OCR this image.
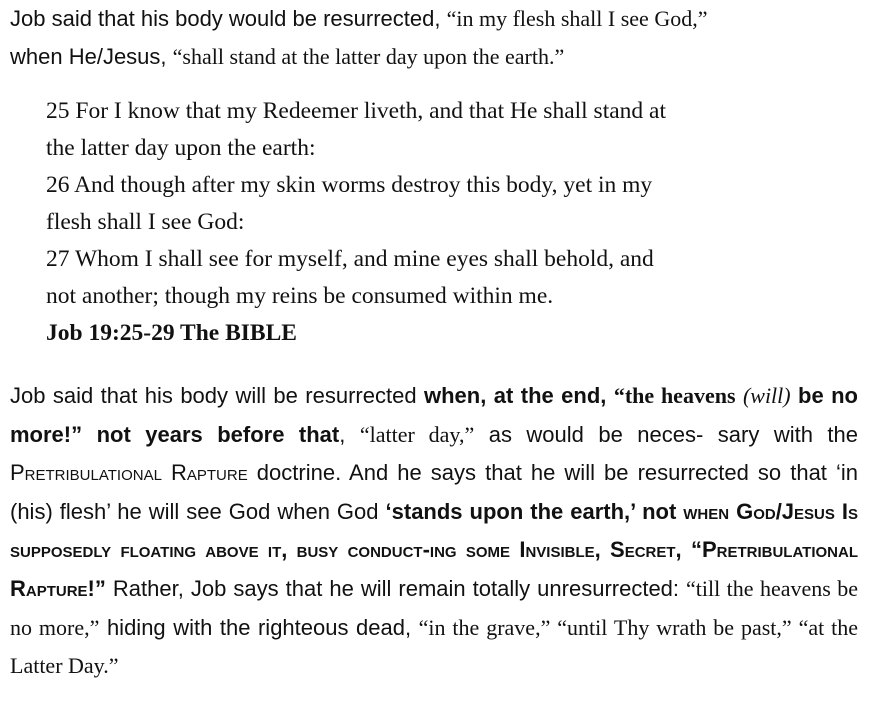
Job said that his body would be resurrected, “in my flesh shall I see God,”
when He/Jesus, “shall stand at the latter day upon the earth.”
25 For I know that my Redeemer liveth, and that He shall stand at
the latter day upon the earth:
26 And though after my skin worms destroy this body, yet in my
flesh shall I see God:
27 Whom I shall see for myself, and mine eyes shall behold, and
not another; though my reins be consumed within me.
Job 19:25-29 The BIBLE
Job said that his body will be resurrected when, at the end, “the heavens (will) be no more!” not years before that, “latter day,” as would be neces- sary with the Pretribulational Rapture doctrine. And he says that he will be resurrected so that ‘in (his) flesh’ he will see God when God ‘stands upon the earth,’ not when God/Jesus Is supposedly floating above it, busy conduct-ing some Invisible, Secret, “Pretribulational Rapture!” Rather, Job says that he will remain totally unresurrected: “till the heavens be no more,” hiding with the righteous dead, “in the grave,” “until Thy wrath be past,” “at the Latter Day.”
